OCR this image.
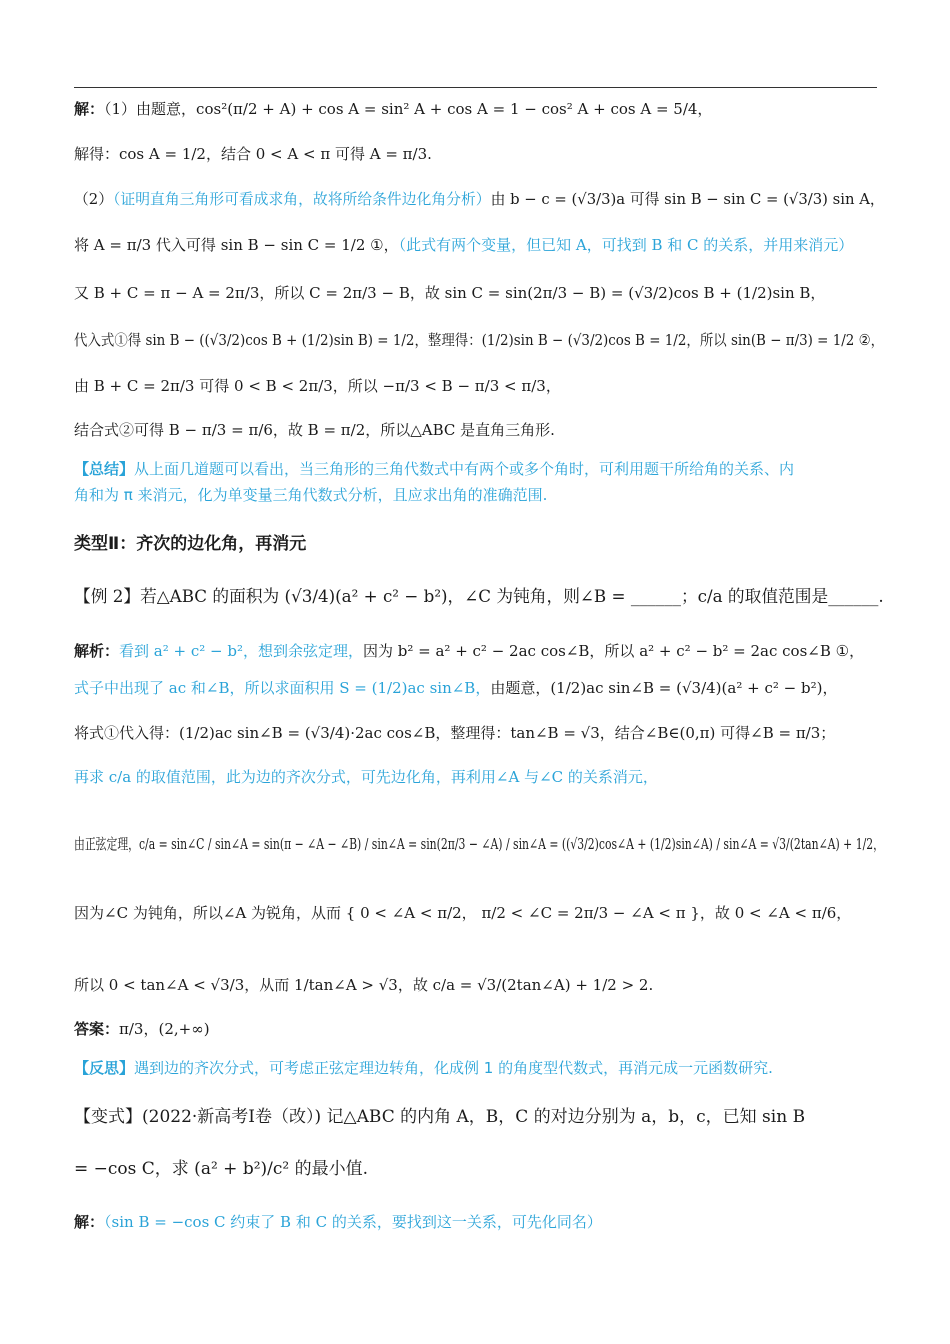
解：（1）由题意，cos²(π/2 + A) + cos A = sin² A + cos A = 1 − cos² A + cos A = 5/4，
解得：cos A = 1/2，结合 0 < A < π 可得 A = π/3.
（2）（证明直角三角形可看成求角，故将所给条件边化角分析）由 b − c = (√3/3)a 可得 sin B − sin C = (√3/3) sin A，
将 A = π/3 代入可得 sin B − sin C = 1/2 ①，（此式有两个变量，但已知 A，可找到 B 和 C 的关系，并用来消元）
又 B + C = π − A = 2π/3，所以 C = 2π/3 − B，故 sin C = sin(2π/3 − B) = (√3/2)cos B + (1/2)sin B，
代入式①得 sin B − ((√3/2)cos B + (1/2)sin B) = 1/2，整理得：(1/2)sin B − (√3/2)cos B = 1/2，所以 sin(B − π/3) = 1/2 ②，
由 B + C = 2π/3 可得 0 < B < 2π/3，所以 −π/3 < B − π/3 < π/3，
结合式②可得 B − π/3 = π/6，故 B = π/2，所以△ABC 是直角三角形.
【总结】从上面几道题可以看出，当三角形的三角代数式中有两个或多个角时，可利用题干所给角的关系、内
角和为 π 来消元，化为单变量三角代数式分析，且应求出角的准确范围.
类型Ⅱ：齐次的边化角，再消元
【例 2】若△ABC 的面积为 (√3/4)(a² + c² − b²)，∠C 为钝角，则∠B = ______；c/a 的取值范围是______.
解析：看到 a² + c² − b²，想到余弦定理，因为 b² = a² + c² − 2ac cos∠B，所以 a² + c² − b² = 2ac cos∠B ①，
式子中出现了 ac 和∠B，所以求面积用 S = (1/2)ac sin∠B，由题意，(1/2)ac sin∠B = (√3/4)(a² + c² − b²)，
将式①代入得：(1/2)ac sin∠B = (√3/4)·2ac cos∠B，整理得：tan∠B = √3，结合∠B∈(0,π) 可得∠B = π/3；
再求 c/a 的取值范围，此为边的齐次分式，可先边化角，再利用∠A 与∠C 的关系消元，
由正弦定理，c/a = sin∠C / sin∠A = sin(π − ∠A − ∠B) / sin∠A = sin(2π/3 − ∠A) / sin∠A = ((√3/2)cos∠A + (1/2)sin∠A) / sin∠A = √3/(2tan∠A) + 1/2，
因为∠C 为钝角，所以∠A 为锐角，从而 { 0 < ∠A < π/2， π/2 < ∠C = 2π/3 − ∠A < π }，故 0 < ∠A < π/6，
所以 0 < tan∠A < √3/3，从而 1/tan∠A > √3，故 c/a = √3/(2tan∠A) + 1/2 > 2.
答案：π/3，(2,+∞)
【反思】遇到边的齐次分式，可考虑正弦定理边转角，化成例 1 的角度型代数式，再消元成一元函数研究.
【变式】(2022·新高考Ⅰ卷（改）) 记△ABC 的内角 A，B，C 的对边分别为 a，b，c，已知 sin B
= −cos C，求 (a² + b²)/c² 的最小值.
解：（sin B = −cos C 约束了 B 和 C 的关系，要找到这一关系，可先化同名）
